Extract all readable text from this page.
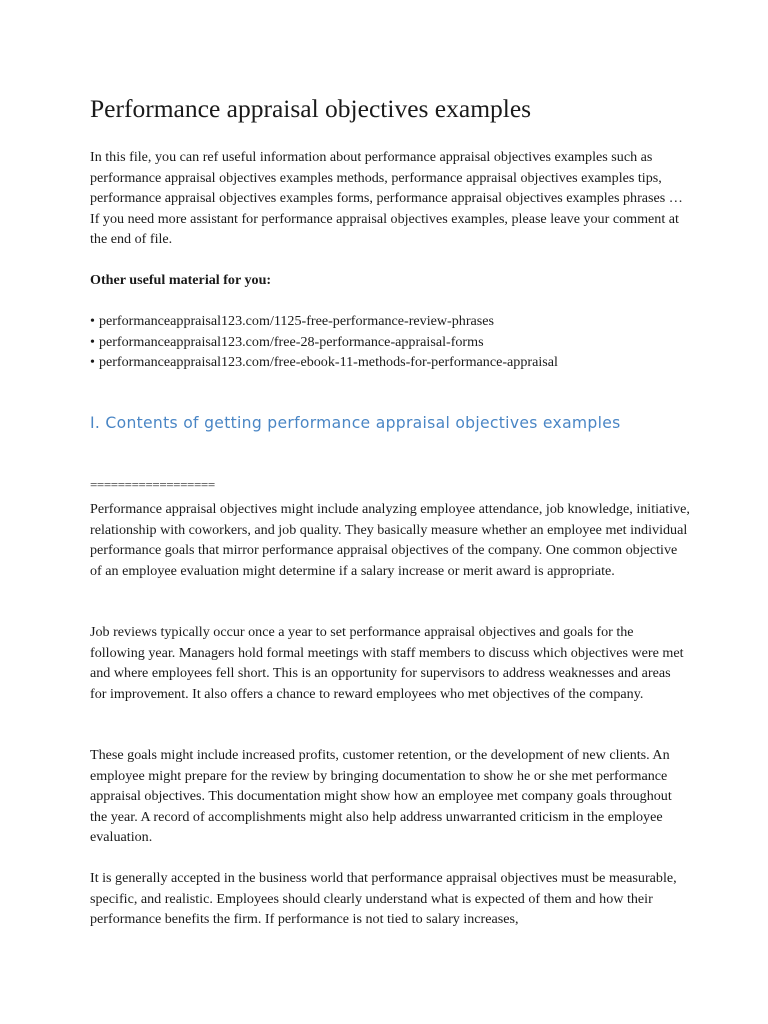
Performance appraisal objectives examples

In this file, you can ref useful information about performance appraisal objectives examples such as performance appraisal objectives examples methods, performance appraisal objectives examples tips, performance appraisal objectives examples forms, performance appraisal objectives examples phrases … If you need more assistant for performance appraisal objectives examples, please leave your comment at the end of file.

Other useful material for you:

• performanceappraisal123.com/1125-free-performance-review-phrases
• performanceappraisal123.com/free-28-performance-appraisal-forms
• performanceappraisal123.com/free-ebook-11-methods-for-performance-appraisal
I. Contents of getting performance appraisal objectives examples
==================

Performance appraisal objectives might include analyzing employee attendance, job knowledge, initiative, relationship with coworkers, and job quality. They basically measure whether an employee met individual performance goals that mirror performance appraisal objectives of the company. One common objective of an employee evaluation might determine if a salary increase or merit award is appropriate.

Job reviews typically occur once a year to set performance appraisal objectives and goals for the following year. Managers hold formal meetings with staff members to discuss which objectives were met and where employees fell short. This is an opportunity for supervisors to address weaknesses and areas for improvement. It also offers a chance to reward employees who met objectives of the company.

These goals might include increased profits, customer retention, or the development of new clients. An employee might prepare for the review by bringing documentation to show he or she met performance appraisal objectives. This documentation might show how an employee met company goals throughout the year. A record of accomplishments might also help address unwarranted criticism in the employee evaluation.

It is generally accepted in the business world that performance appraisal objectives must be measurable, specific, and realistic. Employees should clearly understand what is expected of them and how their performance benefits the firm. If performance is not tied to salary increases,
